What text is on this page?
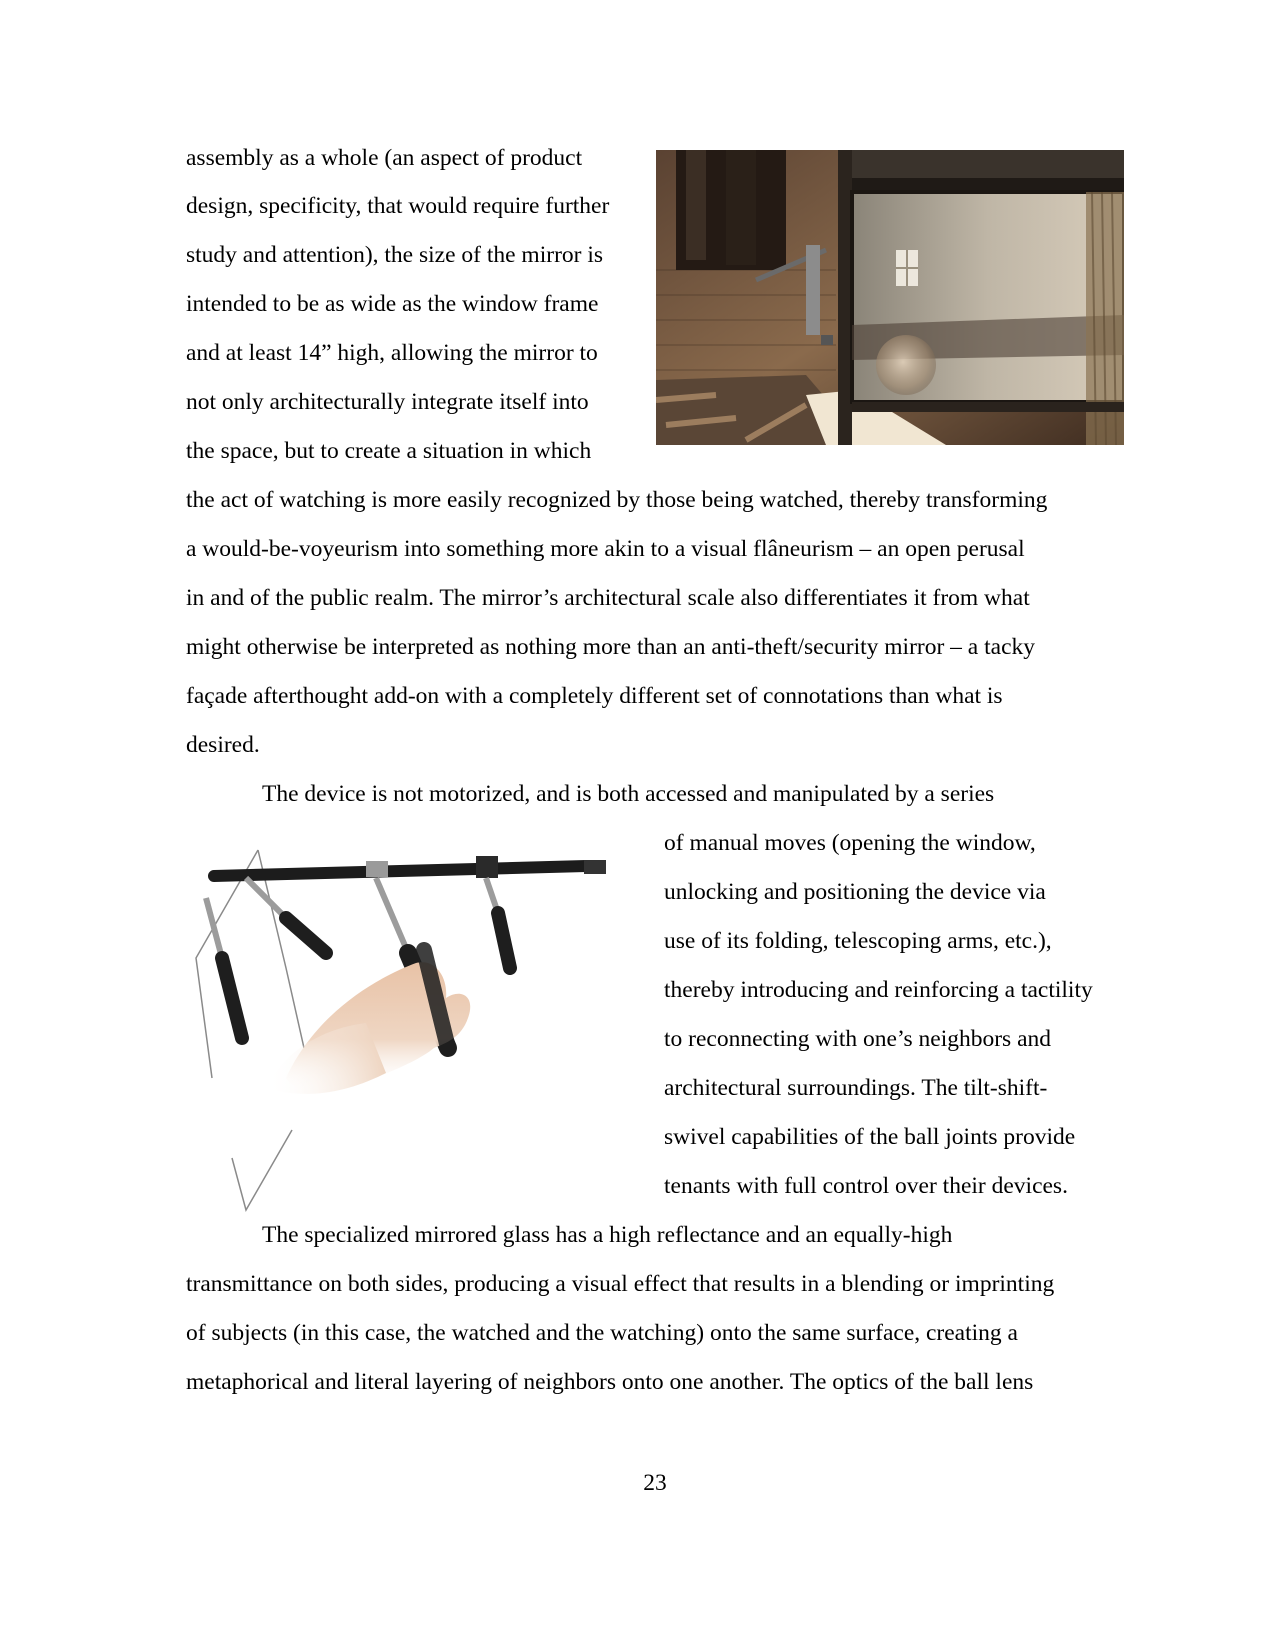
assembly as a whole (an aspect of product
design, specificity, that would require further
study and attention), the size of the mirror is
intended to be as wide as the window frame
and at least 14” high, allowing the mirror to
not only architecturally integrate itself into
the space, but to create a situation in which
the act of watching is more easily recognized by those being watched, thereby transforming
a would-be-voyeurism into something more akin to a visual flâneurism – an open perusal
in and of the public realm. The mirror’s architectural scale also differentiates it from what
might otherwise be interpreted as nothing more than an anti-theft/security mirror – a tacky
façade afterthought add-on with a completely different set of connotations than what is
desired.
The device is not motorized, and is both accessed and manipulated by a series
of manual moves (opening the window,
unlocking and positioning the device via
use of its folding, telescoping arms, etc.),
thereby introducing and reinforcing a tactility
to reconnecting with one’s neighbors and
architectural surroundings. The tilt-shift-
swivel capabilities of the ball joints provide
tenants with full control over their devices.
The specialized mirrored glass has a high reflectance and an equally-high
transmittance on both sides, producing a visual effect that results in a blending or imprinting
of subjects (in this case, the watched and the watching) onto the same surface, creating a
metaphorical and literal layering of neighbors onto one another. The optics of the ball lens
23
